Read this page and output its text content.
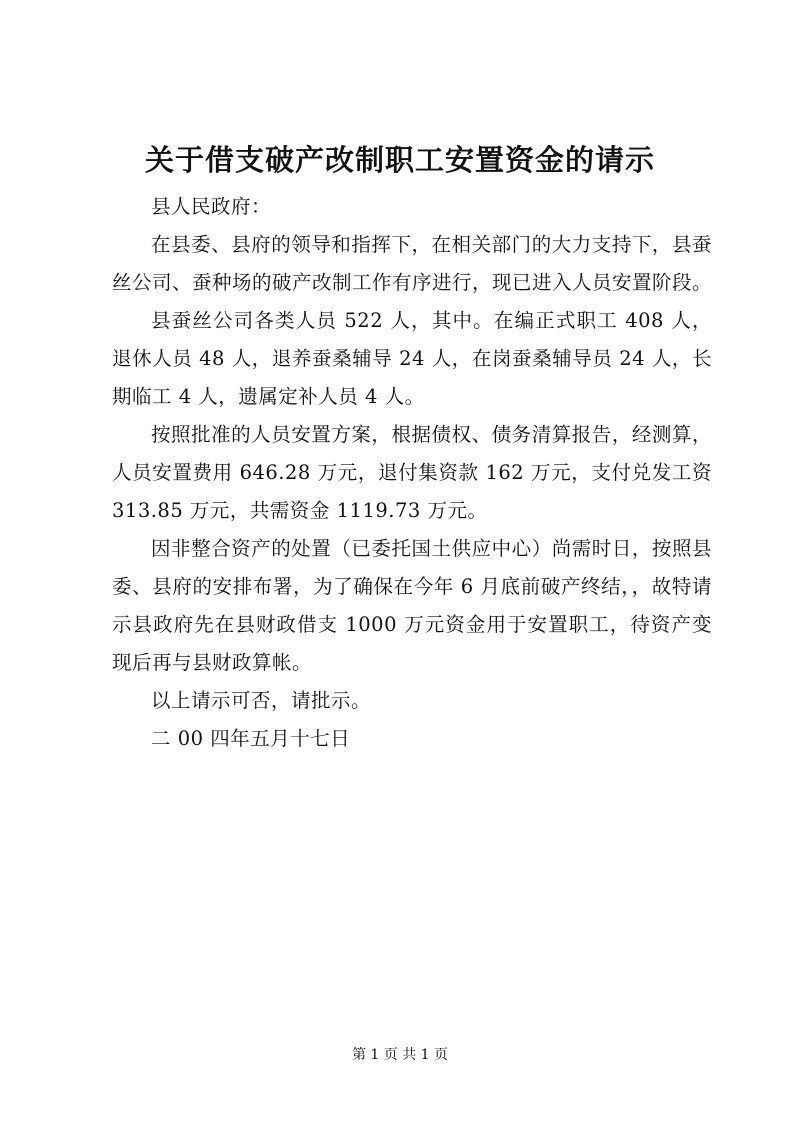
关于借支破产改制职工安置资金的请示

县人民政府：

在县委、县府的领导和指挥下，在相关部门的大力支持下，县蚕丝公司、蚕种场的破产改制工作有序进行，现已进入人员安置阶段。

县蚕丝公司各类人员 522 人，其中。在编正式职工 408 人，退休人员 48 人，退养蚕桑辅导 24 人，在岗蚕桑辅导员 24 人，长期临工 4 人，遗属定补人员 4 人。

按照批准的人员安置方案，根据债权、债务清算报告，经测算，人员安置费用 646.28 万元，退付集资款 162 万元，支付兑发工资 313.85 万元，共需资金 1119.73 万元。

因非整合资产的处置（已委托国土供应中心）尚需时日，按照县委、县府的安排布署，为了确保在今年 6 月底前破产终结，，故特请示县政府先在县财政借支 1000 万元资金用于安置职工，待资产变现后再与县财政算帐。

以上请示可否，请批示。

二 00 四年五月十七日

第 1 页 共 1 页
